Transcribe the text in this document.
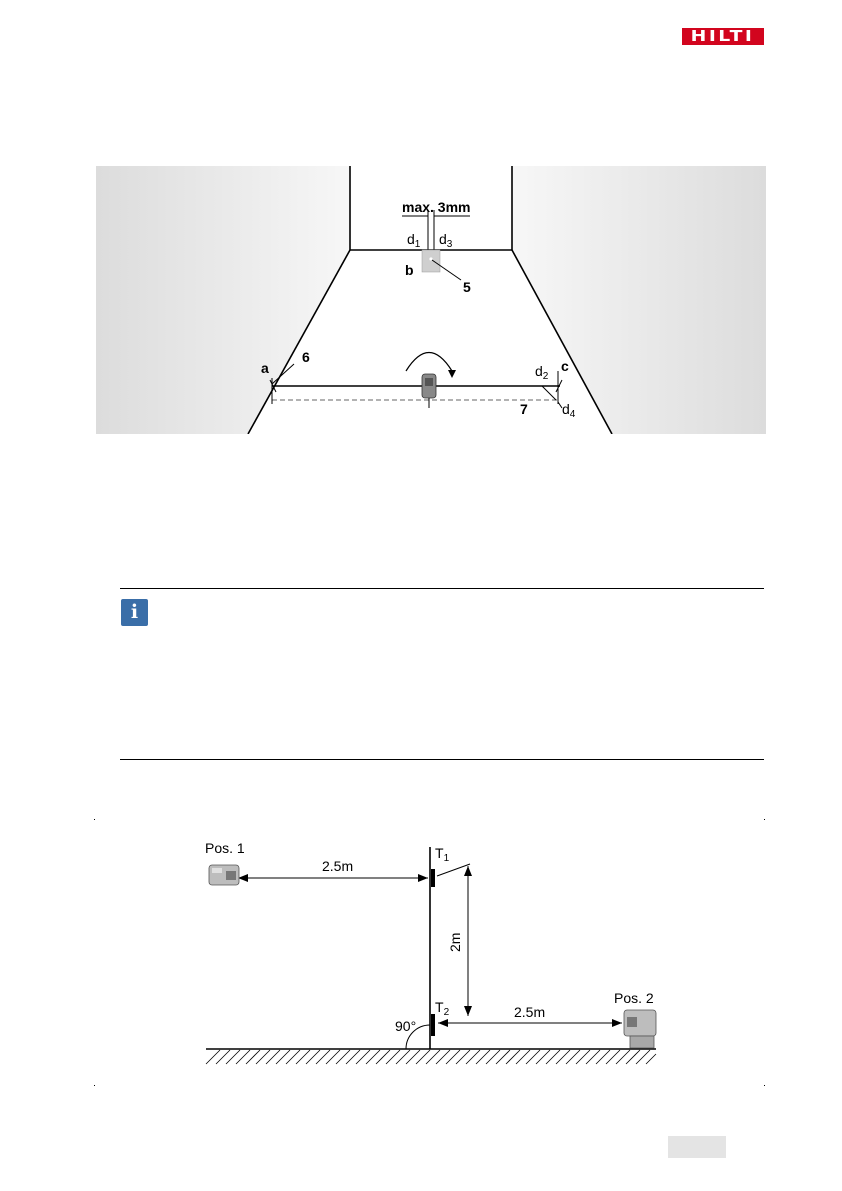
HILTI
max. 3mm
$d_1$ $d_3$
b
5
a
6
c
$d_2$
7 $d_4$
i
90°
$T_1$
$T_2$
2m
2.5m
2.5m
Pos. 1
Pos. 2
